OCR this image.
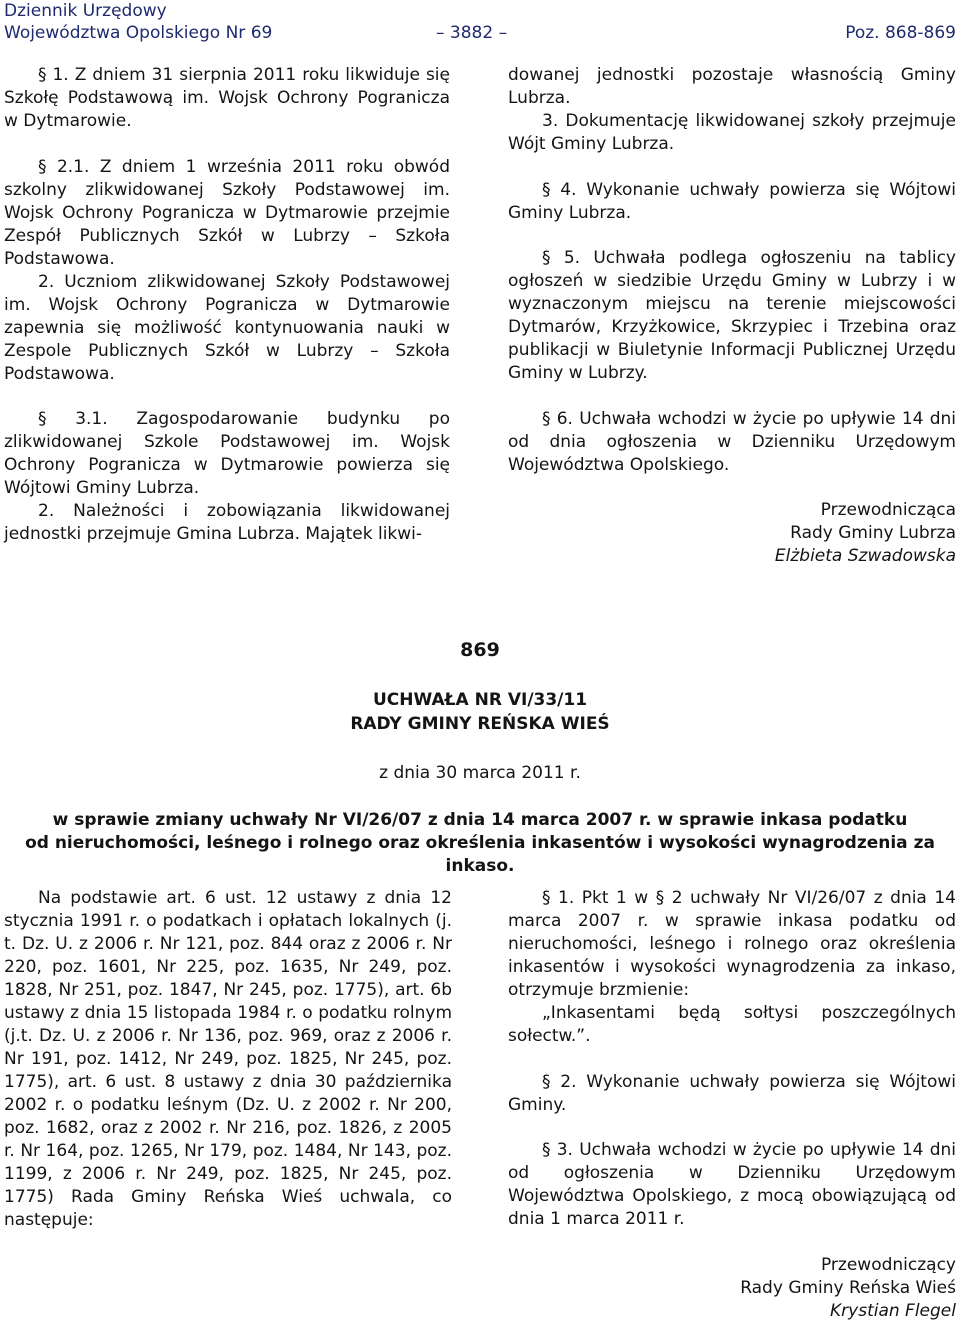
Dziennik Urzędowy
Województwa Opolskiego Nr 69	– 3882 –	Poz. 868-869

§ 1. Z dniem 31 sierpnia 2011 roku likwiduje się Szkołę Podstawową im. Wojsk Ochrony Pogranicza w Dytmarowie.

§ 2.1. Z dniem 1 września 2011 roku obwód szkolny zlikwidowanej Szkoły Podstawowej im. Wojsk Ochrony Pogranicza w Dytmarowie przejmie Zespół Publicznych Szkół w Lubrzy – Szkoła Podstawowa.

2. Uczniom zlikwidowanej Szkoły Podstawowej im. Wojsk Ochrony Pogranicza w Dytmarowie zapewnia się możliwość kontynuowania nauki w Zespole Publicznych Szkół w Lubrzy – Szkoła Podstawowa.

§ 3.1. Zagospodarowanie budynku po zlikwidowanej Szkole Podstawowej im. Wojsk Ochrony Pogranicza w Dytmarowie powierza się Wójtowi Gminy Lubrza.

2. Należności i zobowiązania likwidowanej jednostki przejmuje Gmina Lubrza. Majątek likwi-

dowanej jednostki pozostaje własnością Gminy Lubrza.

3. Dokumentację likwidowanej szkoły przejmuje Wójt Gminy Lubrza.

§ 4. Wykonanie uchwały powierza się Wójtowi Gminy Lubrza.

§ 5. Uchwała podlega ogłoszeniu na tablicy ogłoszeń w siedzibie Urzędu Gminy w Lubrzy i w wyznaczonym miejscu na terenie miejscowości Dytmarów, Krzyżkowice, Skrzypiec i Trzebina oraz publikacji w Biuletynie Informacji Publicznej Urzędu Gminy w Lubrzy.

§ 6. Uchwała wchodzi w życie po upływie 14 dni od dnia ogłoszenia w Dzienniku Urzędowym Województwa Opolskiego.

Przewodnicząca

Rady Gminy Lubrza

Elżbieta Szwadowska

869
UCHWAŁA NR VI/33/11
RADY GMINY REŃSKA WIEŚ
z dnia 30 marca 2011 r.
w sprawie zmiany uchwały Nr VI/26/07 z dnia 14 marca 2007 r. w sprawie inkasa podatku
od nieruchomości, leśnego i rolnego oraz określenia inkasentów i wysokości wynagrodzenia za inkaso.

Na podstawie art. 6 ust. 12 ustawy z dnia 12 stycznia 1991 r. o podatkach i opłatach lokalnych (j. t. Dz. U. z 2006 r. Nr 121, poz. 844 oraz z 2006 r. Nr 220, poz. 1601, Nr 225, poz. 1635, Nr 249, poz. 1828, Nr 251, poz. 1847, Nr 245, poz. 1775), art. 6b ustawy z dnia 15 listopada 1984 r. o podatku rolnym (j.t. Dz. U. z 2006 r. Nr 136, poz. 969, oraz z 2006 r. Nr 191, poz. 1412, Nr 249, poz. 1825, Nr 245, poz. 1775), art. 6 ust. 8 ustawy z dnia 30 października 2002 r. o podatku leśnym (Dz. U. z 2002 r. Nr 200, poz. 1682, oraz z 2002 r. Nr 216, poz. 1826, z 2005 r. Nr 164, poz. 1265, Nr 179, poz. 1484, Nr 143, poz. 1199, z 2006 r. Nr 249, poz. 1825, Nr 245, poz. 1775) Rada Gminy Reńska Wieś uchwala, co następuje:

§ 1. Pkt 1 w § 2 uchwały Nr VI/26/07 z dnia 14 marca 2007 r. w sprawie inkasa podatku od nieruchomości, leśnego i rolnego oraz określenia inkasentów i wysokości wynagrodzenia za inkaso, otrzymuje brzmienie:

„Inkasentami będą sołtysi poszczególnych sołectw.”.

§ 2. Wykonanie uchwały powierza się Wójtowi Gminy.

§ 3. Uchwała wchodzi w życie po upływie 14 dni od ogłoszenia w Dzienniku Urzędowym Województwa Opolskiego, z mocą obowiązującą od dnia 1 marca 2011 r.

Przewodniczący

Rady Gminy Reńska Wieś

Krystian Flegel
